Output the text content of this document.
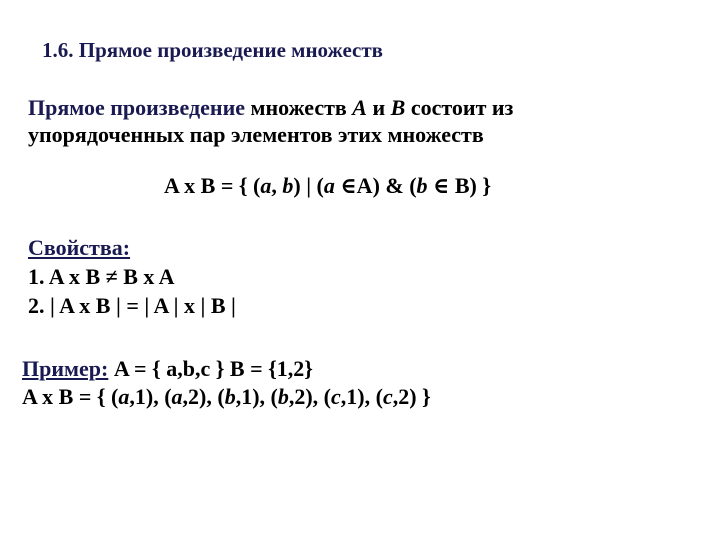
1.6. Прямое произведение множеств
Прямое произведение множеств А и В состоит из
упорядоченных пар элементов этих множеств
A x B = { (a, b) | (a ∈A) & (b ∈ B) }
Свойства:
1. A x B ≠ B x A
2. | A x B | = | A | x | B |
Пример: A = { a,b,c } B = {1,2}
A x B = { (a,1), (a,2), (b,1), (b,2), (c,1), (c,2) }
